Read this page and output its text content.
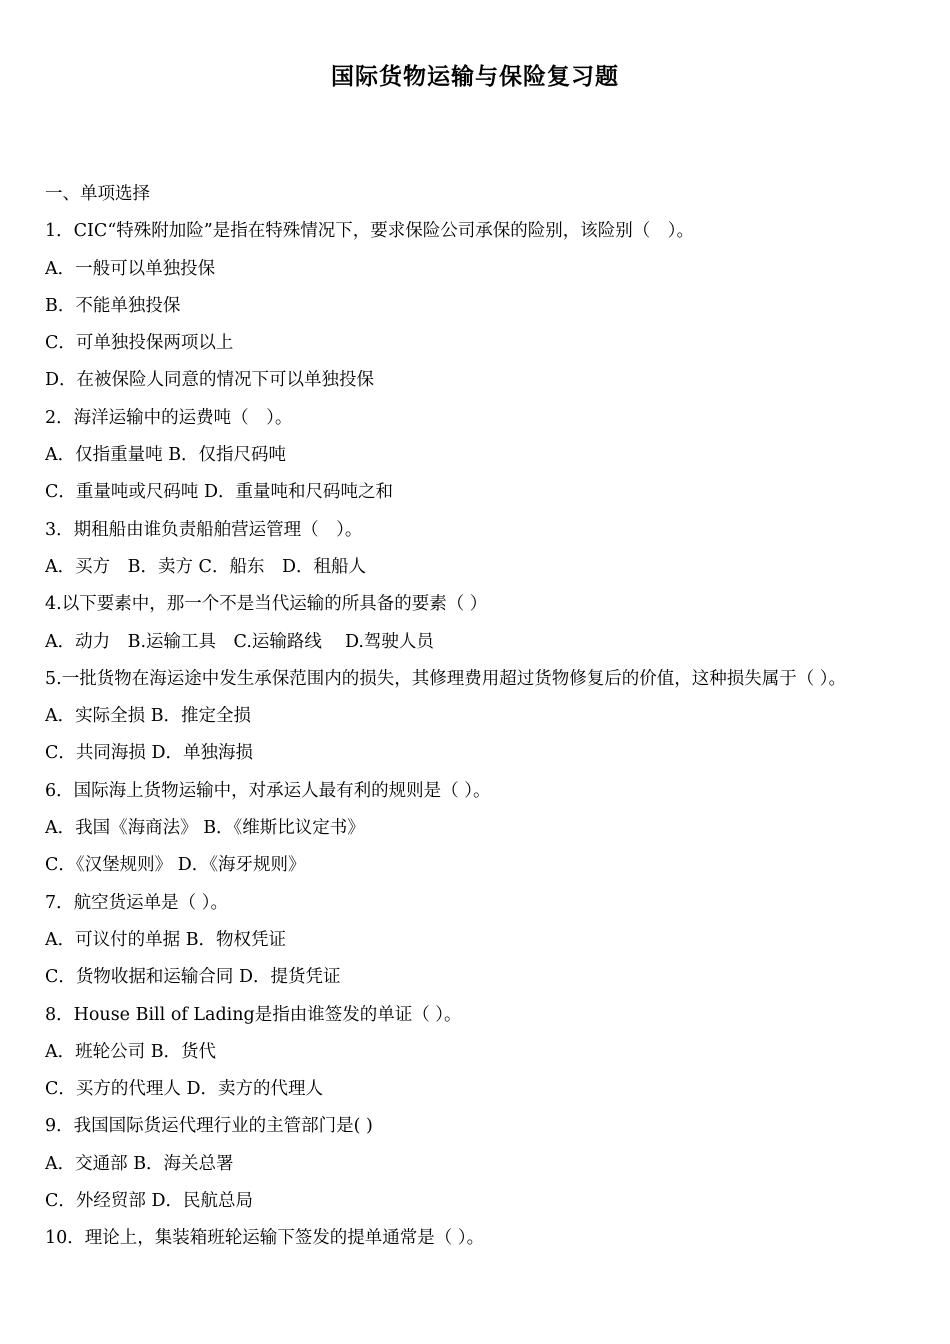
国际货物运输与保险复习题
一、单项选择
1．CIC“特殊附加险”是指在特殊情况下，要求保险公司承保的险别，该险别（　）。
A．一般可以单独投保
B．不能单独投保
C．可单独投保两项以上
D．在被保险人同意的情况下可以单独投保
2．海洋运输中的运费吨（　）。
A．仅指重量吨 B．仅指尺码吨
C．重量吨或尺码吨 D．重量吨和尺码吨之和
3．期租船由谁负责船舶营运管理（　）。
A．买方　B．卖方 C．船东　D．租船人
4.以下要素中，那一个不是当代运输的所具备的要素（ ）
A．动力　B.运输工具　C.运输路线　 D.驾驶人员
5.一批货物在海运途中发生承保范围内的损失，其修理费用超过货物修复后的价值，这种损失属于（ ）。
A．实际全损 B．推定全损
C．共同海损 D．单独海损
6．国际海上货物运输中，对承运人最有利的规则是（ ）。
A．我国《海商法》 B．《维斯比议定书》
C．《汉堡规则》 D．《海牙规则》
7．航空货运单是（ ）。
A．可议付的单据 B．物权凭证
C．货物收据和运输合同 D．提货凭证
8．House Bill of Lading是指由谁签发的单证（ ）。
A．班轮公司 B．货代
C．买方的代理人 D．卖方的代理人
9．我国国际货运代理行业的主管部门是( )
A．交通部 B．海关总署
C．外经贸部 D．民航总局
10．理论上，集装箱班轮运输下签发的提单通常是（ ）。
